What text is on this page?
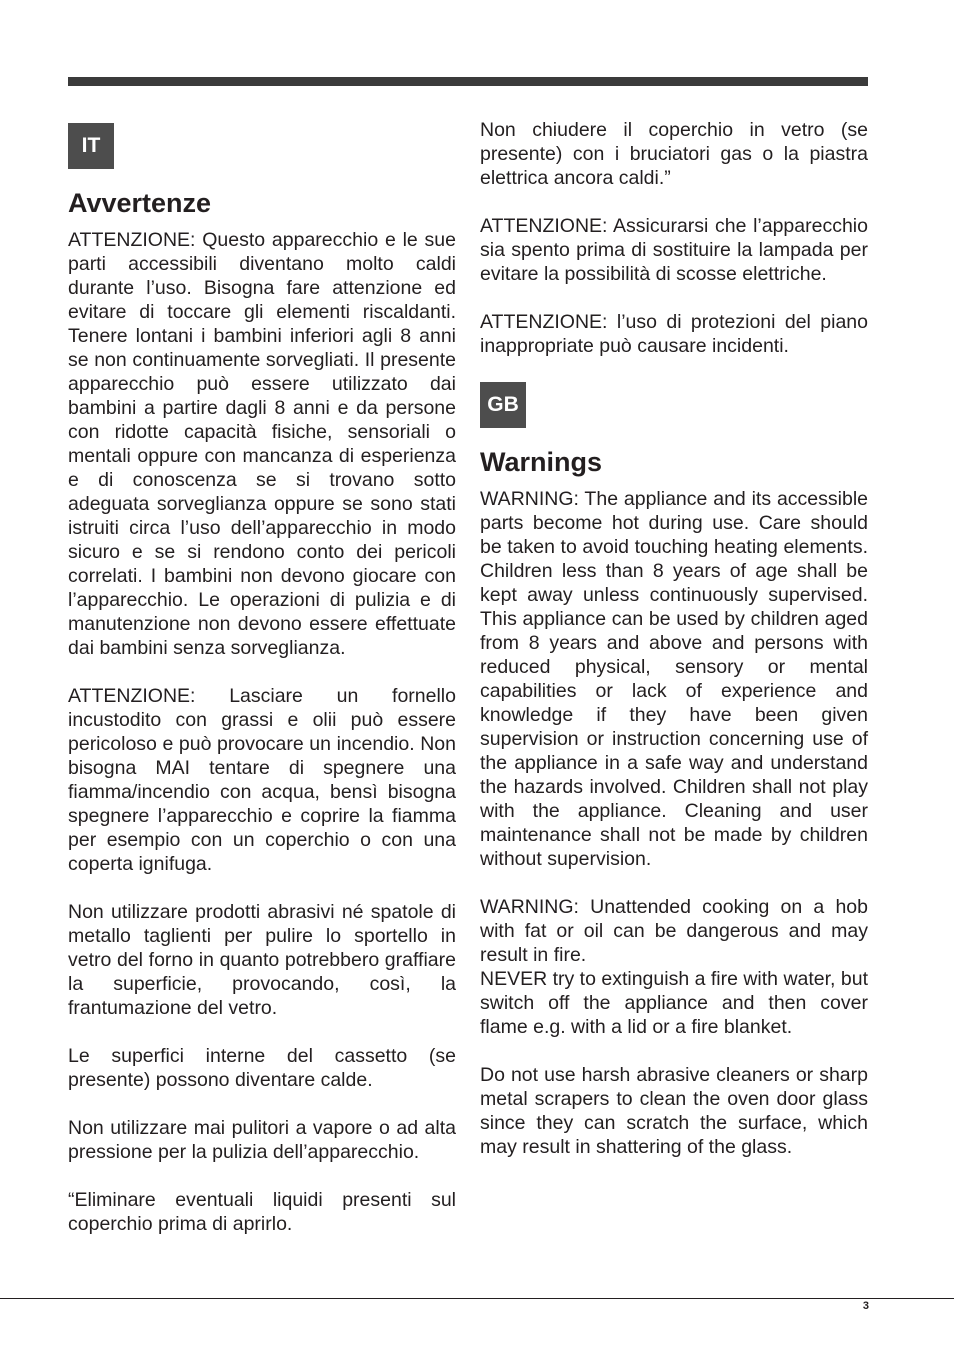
IT
Avvertenze

ATTENZIONE: Questo apparecchio e le sue parti accessibili diventano molto caldi durante l’uso. Bisogna fare attenzione ed evitare di toccare gli elementi riscaldanti. Tenere lontani i bambini inferiori agli 8 anni se non continuamente sorvegliati. Il presente apparecchio può essere utilizzato dai bambini a partire dagli 8 anni e da persone con ridotte capacità fisiche, sensoriali o mentali oppure con mancanza di esperienza e di conoscenza se si trovano sotto adeguata sorveglianza oppure se sono stati istruiti circa l’uso dell’apparecchio in modo sicuro e se si rendono conto dei pericoli correlati. I bambini non devono giocare con l’apparecchio. Le operazioni di pulizia e di manutenzione non devono essere effettuate dai bambini senza sorveglianza.

ATTENZIONE: Lasciare un fornello incustodito con grassi e olii può essere pericoloso e può provocare un incendio. Non bisogna MAI tentare di spegnere una fiamma/incendio con acqua, bensì bisogna spegnere l’apparecchio e coprire la fiamma per esempio con un coperchio o con una coperta ignifuga.

Non utilizzare prodotti abrasivi né spatole di metallo taglienti per pulire lo sportello in vetro del forno in quanto potrebbero graffiare la superficie, provocando, così, la frantumazione del vetro.

Le superfici interne del cassetto (se presente) possono diventare calde.

Non utilizzare mai pulitori a vapore o ad alta pressione per la pulizia dell’apparecchio.

“Eliminare eventuali liquidi presenti sul coperchio prima di aprirlo.

Non chiudere il coperchio in vetro (se presente) con i bruciatori gas o la piastra elettrica ancora caldi.”

ATTENZIONE: Assicurarsi che l’apparecchio sia spento prima di sostituire la lampada per evitare la possibilità di scosse elettriche.

ATTENZIONE: l’uso di protezioni del piano inappropriate può causare incidenti.

GB
Warnings

WARNING: The appliance and its accessible parts become hot during use. Care should be taken to avoid touching heating elements. Children less than 8 years of age shall be kept away unless continuously supervised. This appliance can be used by children aged from 8 years and above and persons with reduced physical, sensory or mental capabilities or lack of experience and knowledge if they have been given supervision or instruction concerning use of the appliance in a safe way and understand the hazards involved. Children shall not play with the appliance. Cleaning and user maintenance shall not be made by children without supervision.

WARNING: Unattended cooking on a hob with fat or oil can be dangerous and may result in fire.

NEVER try to extinguish a fire with water, but switch off the appliance and then cover flame e.g. with a lid or a fire blanket.

Do not use harsh abrasive cleaners or sharp metal scrapers to clean the oven door glass since they can scratch the surface, which may result in shattering of the glass.

3
